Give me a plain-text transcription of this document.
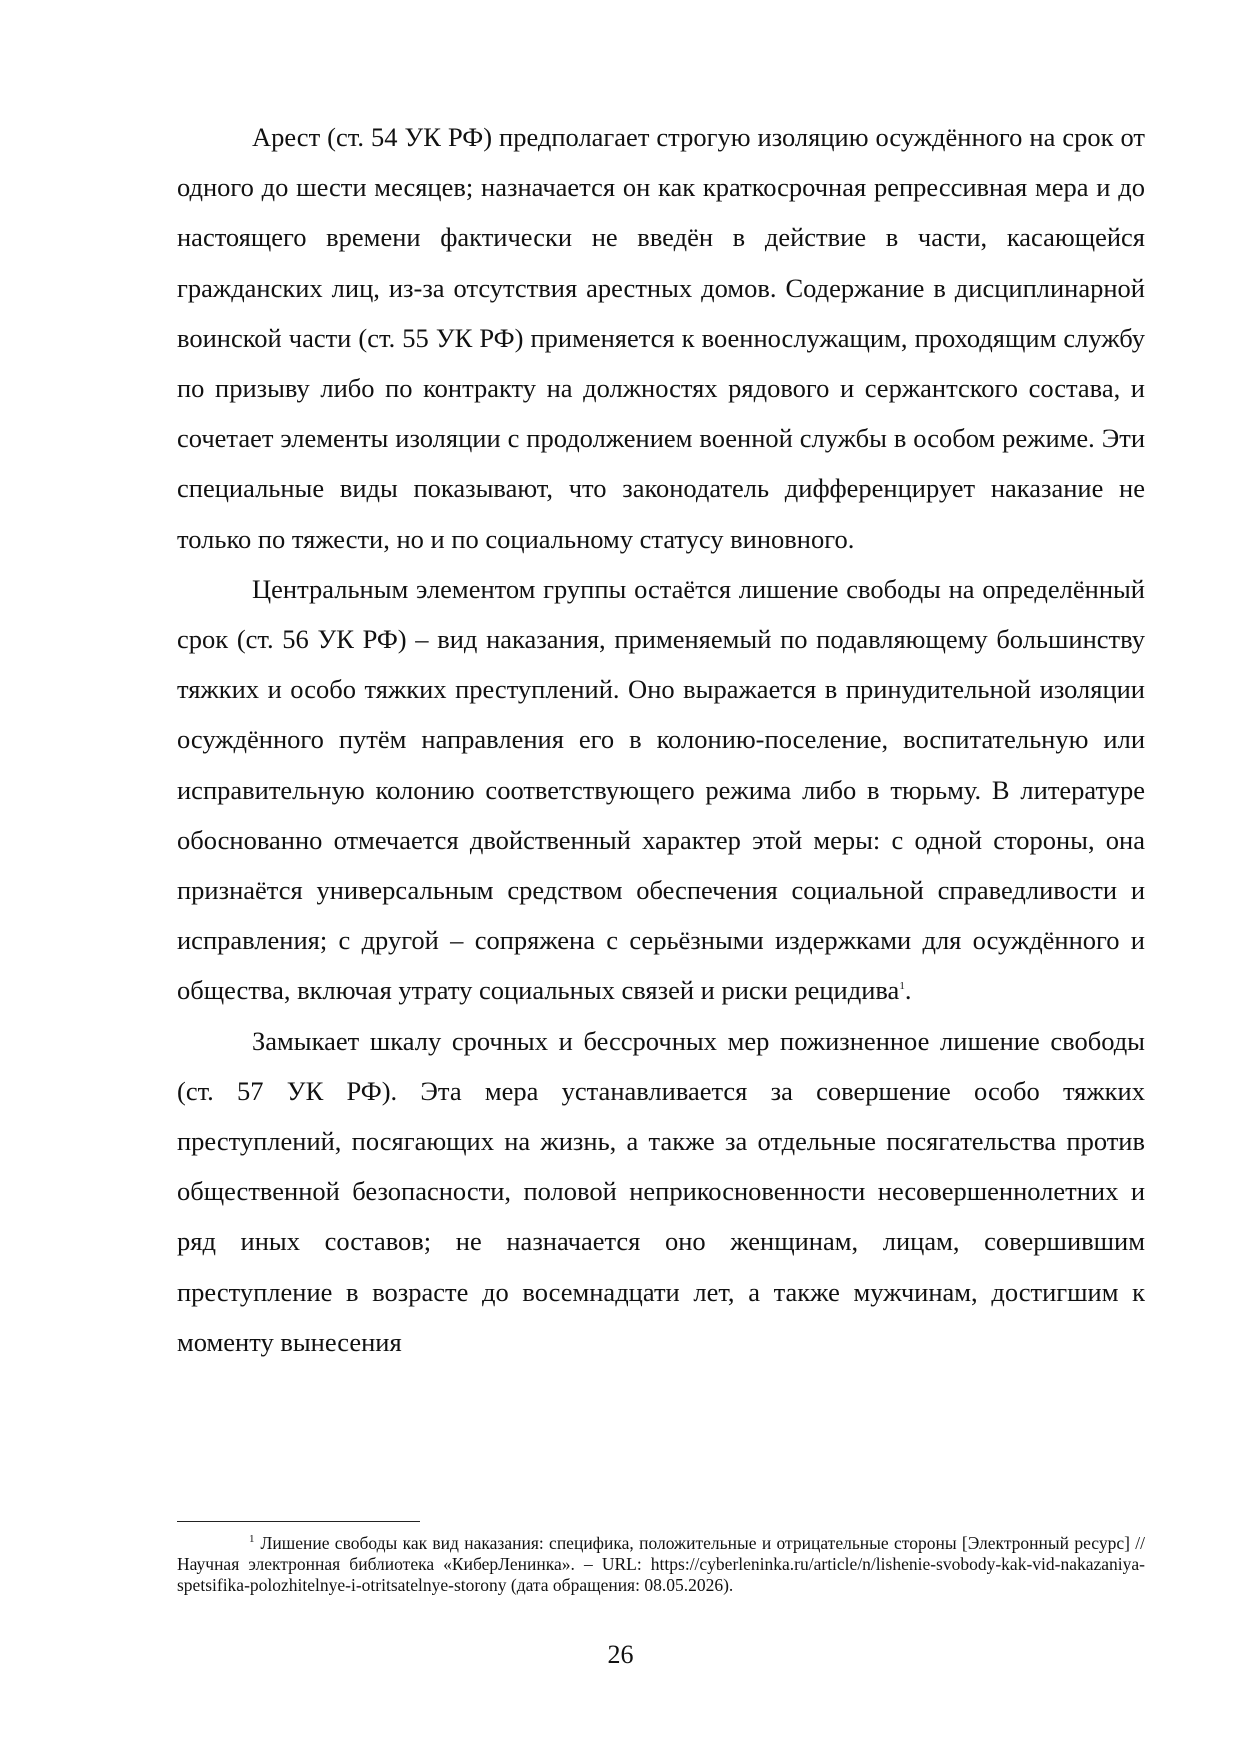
Арест (ст. 54 УК РФ) предполагает строгую изоляцию осуждённого на срок от одного до шести месяцев; назначается он как краткосрочная репрессивная мера и до настоящего времени фактически не введён в действие в части, касающейся гражданских лиц, из-за отсутствия арестных домов. Содержание в дисциплинарной воинской части (ст. 55 УК РФ) применяется к военнослужащим, проходящим службу по призыву либо по контракту на должностях рядового и сержантского состава, и сочетает элементы изоляции с продолжением военной службы в особом режиме. Эти специальные виды показывают, что законодатель дифференцирует наказание не только по тяжести, но и по социальному статусу виновного.

Центральным элементом группы остаётся лишение свободы на определённый срок (ст. 56 УК РФ) – вид наказания, применяемый по подавляющему большинству тяжких и особо тяжких преступлений. Оно выражается в принудительной изоляции осуждённого путём направления его в колонию-поселение, воспитательную или исправительную колонию соответствующего режима либо в тюрьму. В литературе обоснованно отмечается двойственный характер этой меры: с одной стороны, она признаётся универсальным средством обеспечения социальной справедливости и исправления; с другой – сопряжена с серьёзными издержками для осуждённого и общества, включая утрату социальных связей и риски рецидива$^1$.

Замыкает шкалу срочных и бессрочных мер пожизненное лишение свободы (ст. 57 УК РФ). Эта мера устанавливается за совершение особо тяжких преступлений, посягающих на жизнь, а также за отдельные посягательства против общественной безопасности, половой неприкосновенности несовершеннолетних и ряд иных составов; не назначается оно женщинам, лицам, совершившим преступление в возрасте до восемнадцати лет, а также мужчинам, достигшим к моменту вынесения

$^1$ Лишение свободы как вид наказания: специфика, положительные и отрицательные стороны [Электронный ресурс] // Научная электронная библиотека «КиберЛенинка». – URL: https://cyberleninka.ru/article/n/lishenie-svobody-kak-vid-nakazaniya-spetsifika-polozhitelnye-i-otritsatelnye-storony (дата обращения: 08.05.2026).

26
